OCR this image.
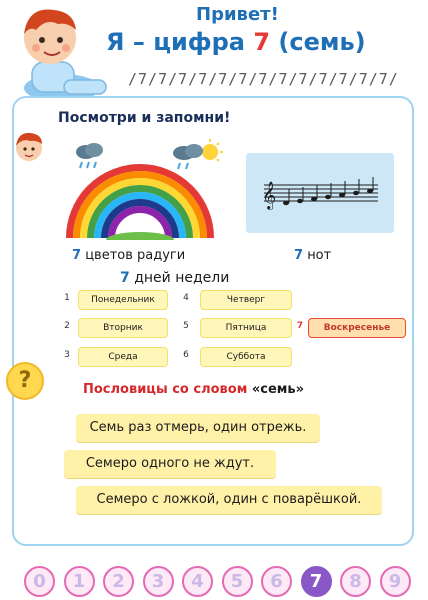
Привет!
Я – цифра 7 (семь)
/7/7/7/7/7/7/7/7/7/7/7/7/7/
Посмотри и запомни!
𝄞
7 цветов радуги	7 нот
7 дней недели
1	Понедельник
2	Вторник
3	Среда
4	Четверг
5	Пятница
6	Суббота
7	Воскресенье
?	Пословицы со словом «семь»
Семь раз отмерь, один отрежь.
Семеро одного не ждут.
Семеро с ложкой, один с поварёшкой.
0	1	2	3	4	5	6	7	8	9
